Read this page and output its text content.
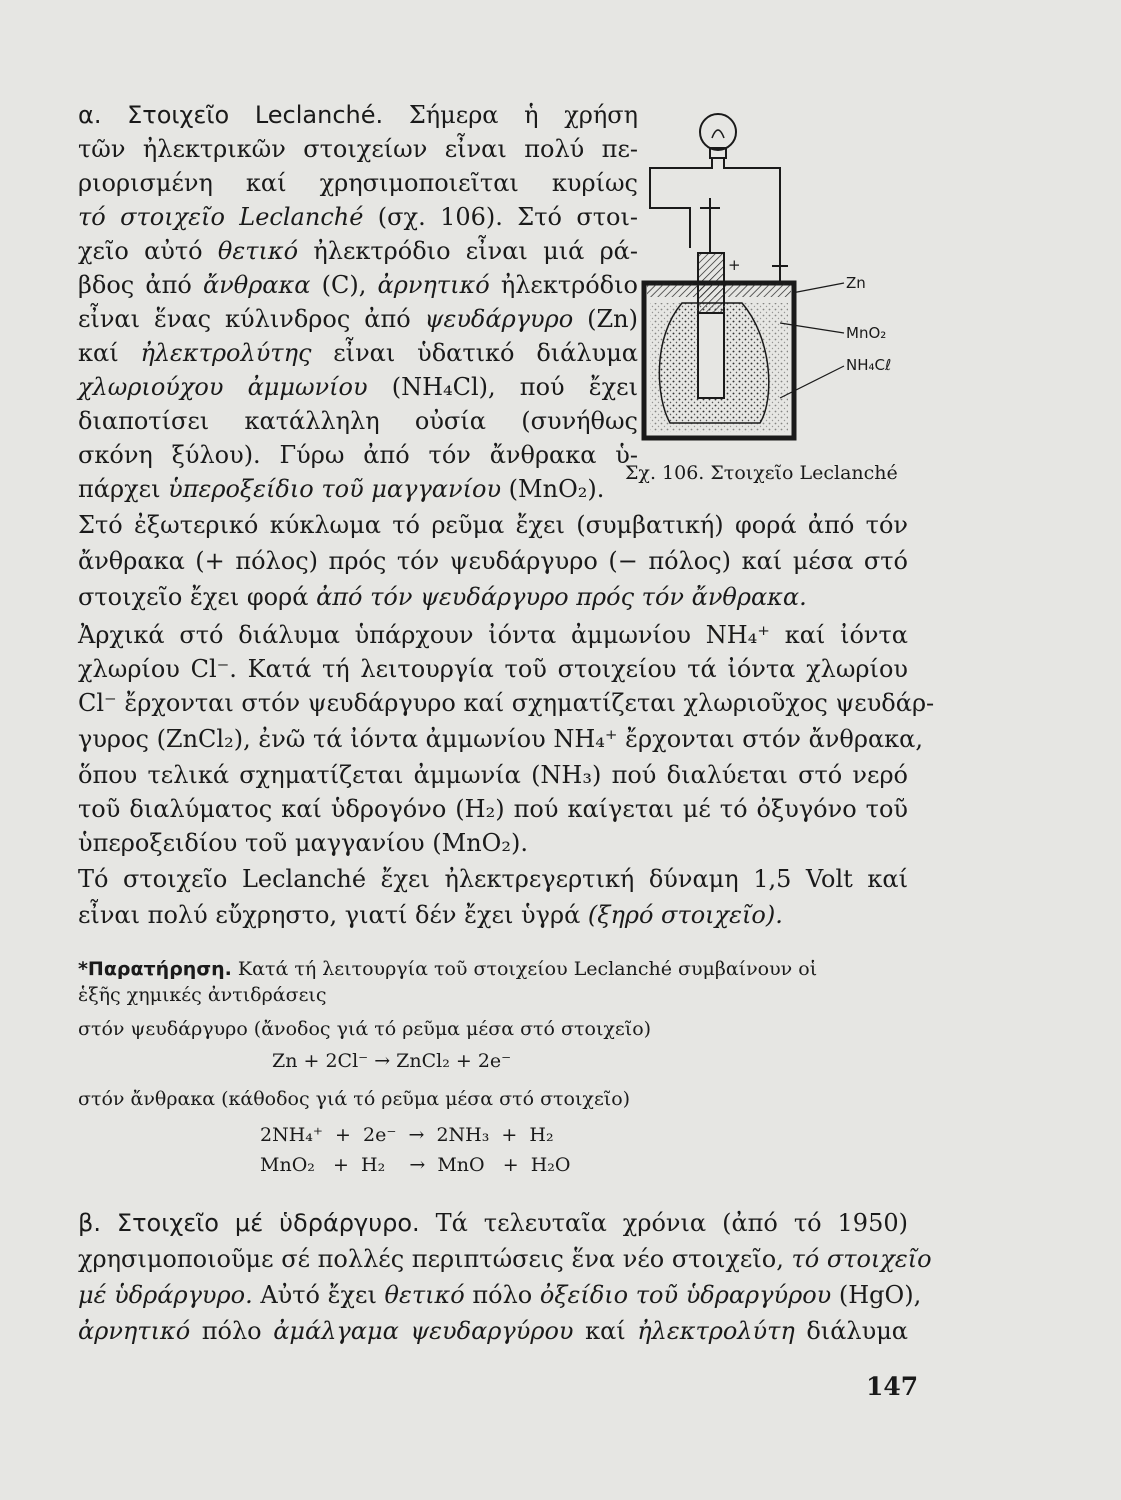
α. Στοιχεῖο Leclanché. Σήμερα ἡ χρήση
τῶν ἠλεκτρικῶν στοιχείων εἶναι πολύ πε-
ριορισμένη καί χρησιμοποιεῖται κυρίως
τό στοιχεῖο Leclanché (σχ. 106). Στό στοι-
χεῖο αὐτό θετικό ἠλεκτρόδιο εἶναι μιά ρά-
βδος ἀπό ἄνθρακα (C), ἀρνητικό ἠλεκτρόδιο
εἶναι ἕνας κύλινδρος ἀπό ψευδάργυρο (Zn)
καί ἠλεκτρολύτης εἶναι ὑδατικό διάλυμα
χλωριούχου ἀμμωνίου (NH₄Cl), πού ἔχει
διαποτίσει κατάλληλη οὐσία (συνήθως
σκόνη ξύλου). Γύρω ἀπό τόν ἄνθρακα ὑ-
πάρχει ὑπεροξείδιο τοῦ μαγγανίου (MnO₂).
Στό ἐξωτερικό κύκλωμα τό ρεῦμα ἔχει (συμβατική) φορά ἀπό τόν
ἄνθρακα (+ πόλος) πρός τόν ψευδάργυρο (− πόλος) καί μέσα στό
στοιχεῖο ἔχει φορά ἀπό τόν ψευδάργυρο πρός τόν ἄνθρακα.
Ἀρχικά στό διάλυμα ὑπάρχουν ἰόντα ἀμμωνίου NH₄⁺ καί ἰόντα
χλωρίου Cl⁻. Κατά τή λειτουργία τοῦ στοιχείου τά ἰόντα χλωρίου
Cl⁻ ἔρχονται στόν ψευδάργυρο καί σχηματίζεται χλωριοῦχος ψευδάρ-
γυρος (ZnCl₂), ἐνῶ τά ἰόντα ἀμμωνίου NH₄⁺ ἔρχονται στόν ἄνθρακα,
ὅπου τελικά σχηματίζεται ἀμμωνία (NH₃) πού διαλύεται στό νερό
τοῦ διαλύματος καί ὑδρογόνο (H₂) πού καίγεται μέ τό ὀξυγόνο τοῦ
ὑπεροξειδίου τοῦ μαγγανίου (MnO₂).
Τό στοιχεῖο Leclanché ἔχει ἠλεκτρεγερτική δύναμη 1,5 Volt καί
εἶναι πολύ εὔχρηστο, γιατί δέν ἔχει ὑγρά (ξηρό στοιχεῖο).
+
Zn
MnO₂
NH₄Cℓ
Σχ. 106. Στοιχεῖο Leclanché
*Παρατήρηση. Κατά τή λειτουργία τοῦ στοιχείου Leclanché συμβαίνουν οἱ
ἑξῆς χημικές ἀντιδράσεις
στόν ψευδάργυρο (ἄνοδος γιά τό ρεῦμα μέσα στό στοιχεῖο)
Zn + 2Cl⁻ → ZnCl₂ + 2e⁻
στόν ἄνθρακα (κάθοδος γιά τό ρεῦμα μέσα στό στοιχεῖο)
2NH₄⁺  +  2e⁻  →  2NH₃  +  H₂
MnO₂   +  H₂    →  MnO   +  H₂O
β. Στοιχεῖο μέ ὑδράργυρο. Τά τελευταῖα χρόνια (ἀπό τό 1950)
χρησιμοποιοῦμε σέ πολλές περιπτώσεις ἕνα νέο στοιχεῖο, τό στοιχεῖο
μέ ὑδράργυρο. Αὐτό ἔχει θετικό πόλο ὀξείδιο τοῦ ὑδραργύρου (HgO),
ἀρνητικό πόλο ἀμάλγαμα ψευδαργύρου καί ἠλεκτρολύτη διάλυμα
147
